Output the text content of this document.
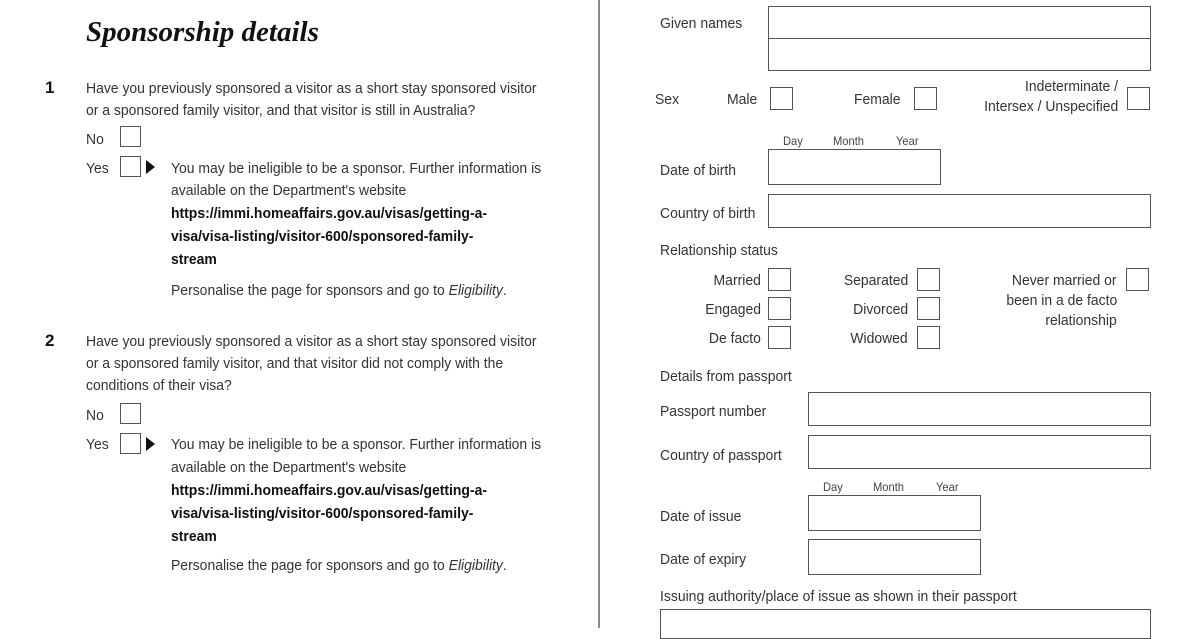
Sponsorship details
1 Have you previously sponsored a visitor as a short stay sponsored visitor
or a sponsored family visitor, and that visitor is still in Australia?
No
Yes	You may be ineligible to be a sponsor. Further information is
available on the Department's website
https://immi.homeaffairs.gov.au/visas/getting-a-
visa/visa-listing/visitor-600/sponsored-family-
stream
Personalise the page for sponsors and go to Eligibility.
2 Have you previously sponsored a visitor as a short stay sponsored visitor
or a sponsored family visitor, and that visitor did not comply with the
conditions of their visa?
No
Yes	You may be ineligible to be a sponsor. Further information is
available on the Department's website
https://immi.homeaffairs.gov.au/visas/getting-a-
visa/visa-listing/visitor-600/sponsored-family-
stream
Personalise the page for sponsors and go to Eligibility.
Given names
Sex	Male	Female
Indeterminate /
Intersex / Unspecified
Day	Month	Year
Date of birth
Country of birth
Relationship status
Married	Separated	Never married or
been in a de facto
relationship
Engaged	Divorced
De facto	Widowed
Details from passport
Passport number
Country of passport
Day	Month	Year
Date of issue
Date of expiry
Issuing authority/place of issue as shown in their passport
